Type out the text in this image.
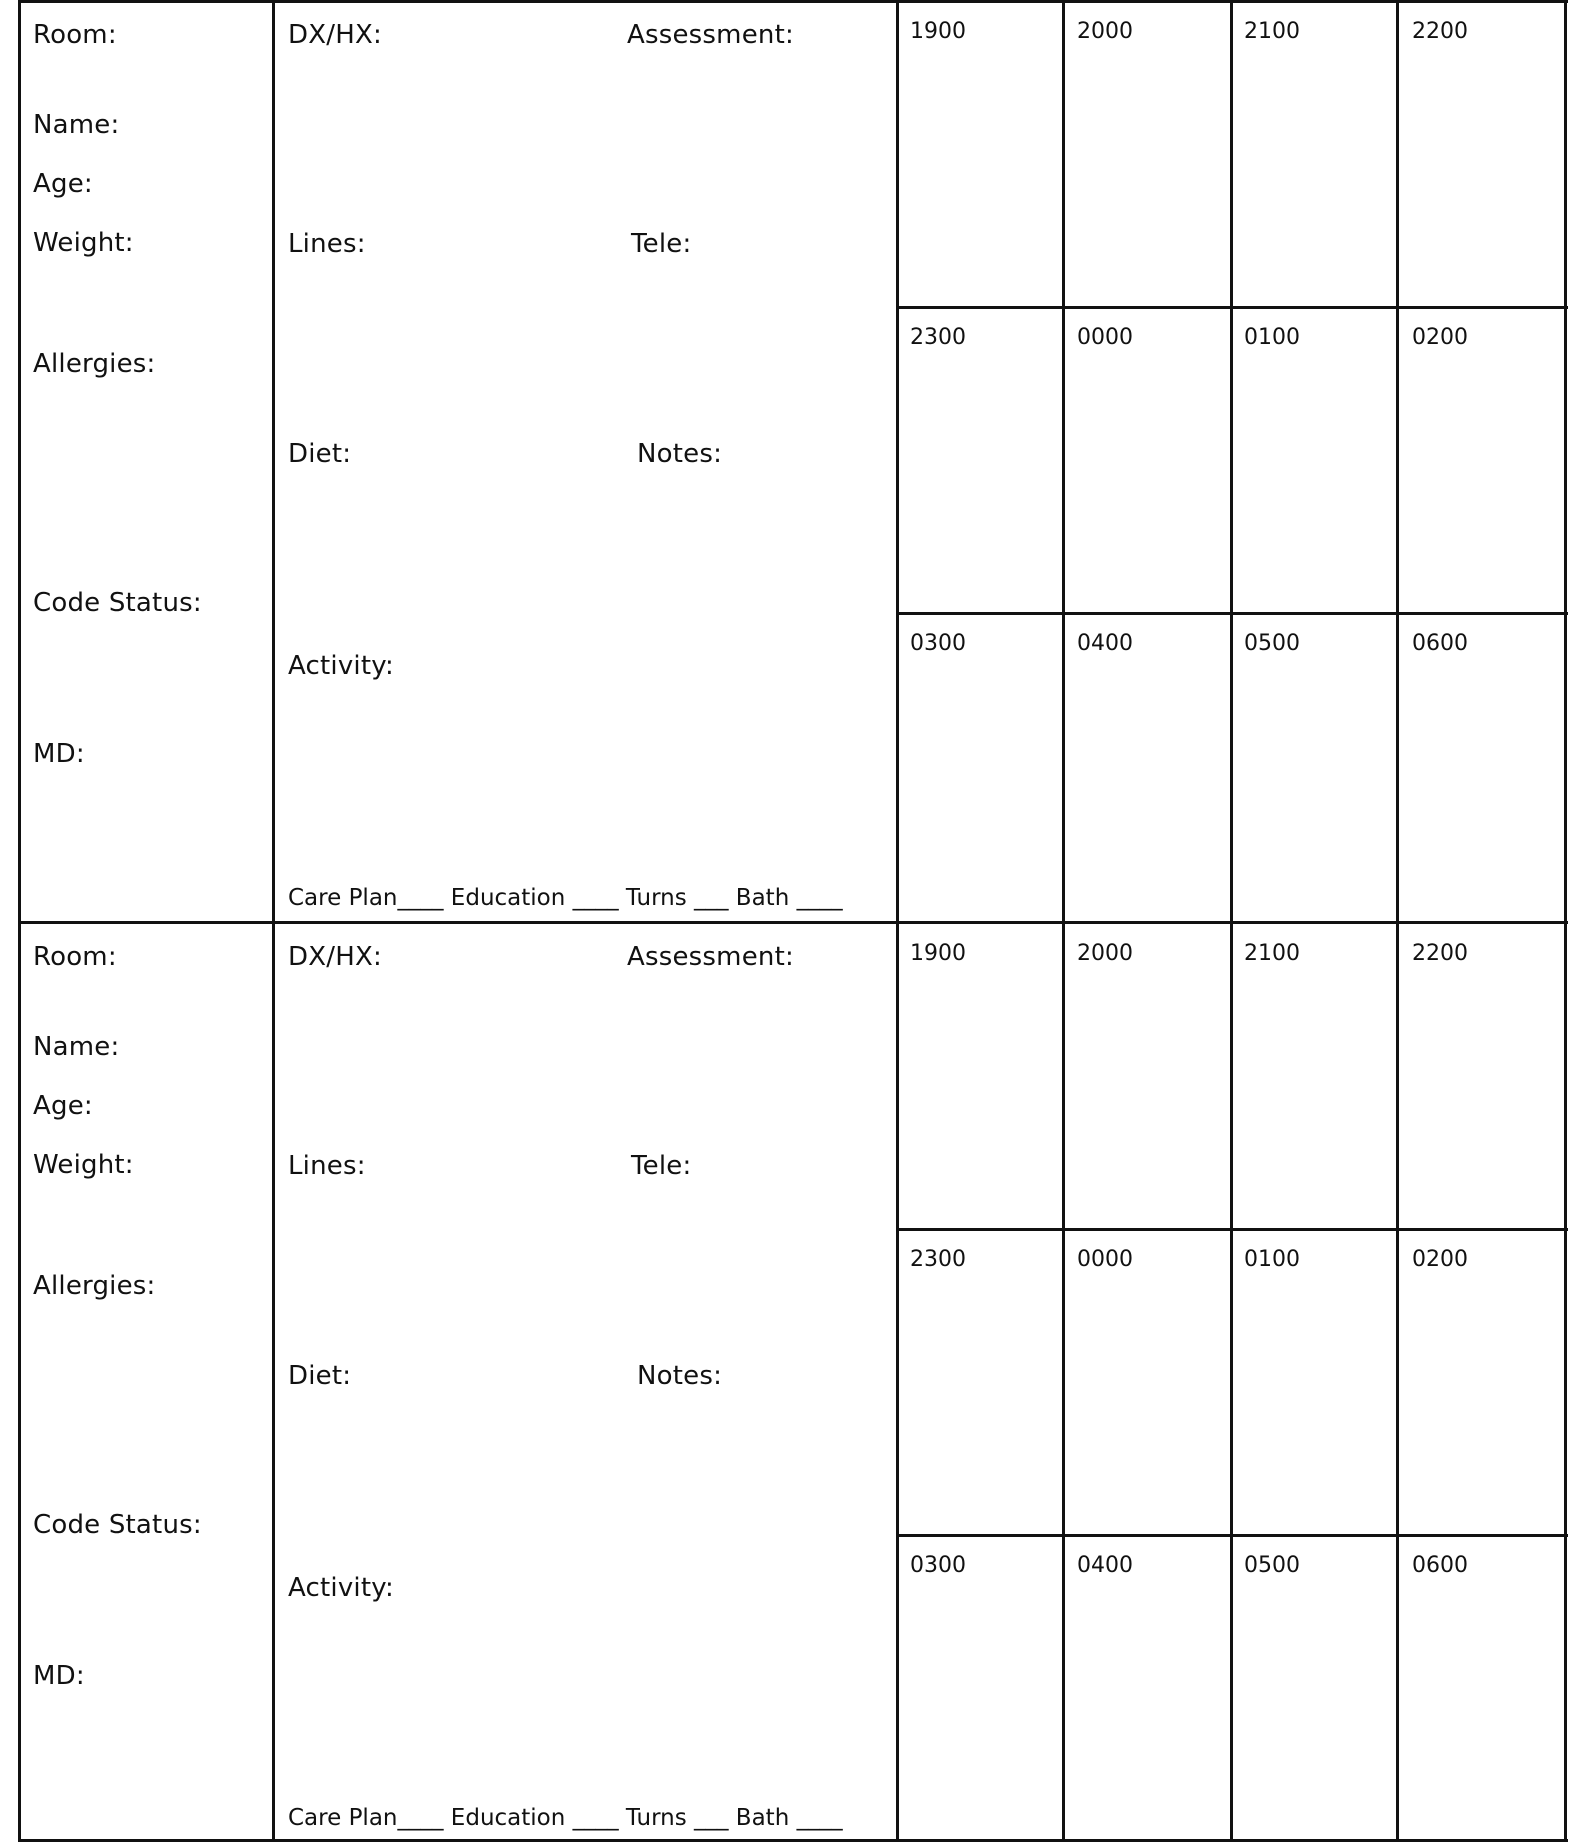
Room:
Name:
Age:
Weight:
Allergies:
Code Status:
MD:
DX/HX:	Assessment:
Lines:	Tele:
Diet:	Notes:
Activity:
Care Plan____ Education ____ Turns ___ Bath ____
1900	2000	2100	2200
2300	0000	0100	0200
0300	0400	0500	0600
Room:
Name:
Age:
Weight:
Allergies:
Code Status:
MD:
DX/HX:	Assessment:
Lines:	Tele:
Diet:	Notes:
Activity:
Care Plan____ Education ____ Turns ___ Bath ____
1900	2000	2100	2200
2300	0000	0100	0200
0300	0400	0500	0600
